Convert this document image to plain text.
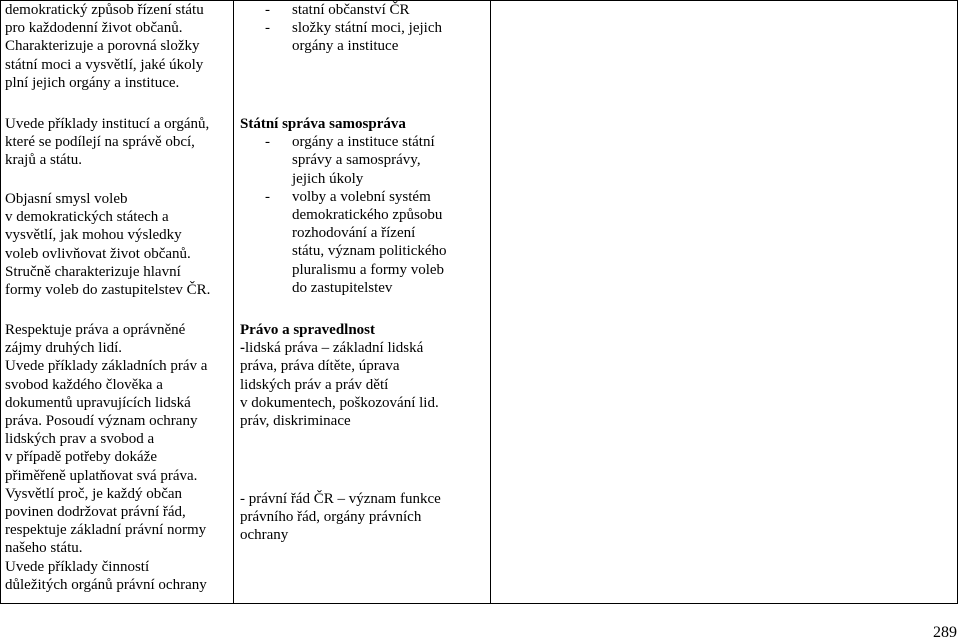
demokratický způsob řízení státu
pro každodenní život občanů.
Charakterizuje a porovná složky
státní moci a vysvětlí, jaké úkoly
plní jejich orgány a instituce.
Uvede příklady institucí a orgánů,
které se podílejí na správě obcí,
krajů a státu.
Objasní smysl voleb
v demokratických státech a
vysvětlí, jak mohou výsledky
voleb ovlivňovat život občanů.
Stručně charakterizuje hlavní
formy voleb do zastupitelstev ČR.
Respektuje práva a oprávněné
zájmy druhých lidí.
Uvede příklady základních práv a
svobod každého člověka a
dokumentů upravujících lidská
práva. Posoudí význam ochrany
lidských prav a svobod a
v případě potřeby dokáže
přiměřeně uplatňovat svá práva.
Vysvětlí proč, je každý občan
povinen dodržovat právní řád,
respektuje základní právní normy
našeho státu.
Uvede příklady činností
důležitých orgánů právní ochrany
- statní občanství ČR
- složky státní moci, jejich
orgány a instituce
Státní správa samospráva
- orgány a instituce státní
správy a samosprávy,
jejich úkoly
- volby a volební systém
demokratického způsobu
rozhodování a řízení
státu, význam politického
pluralismu a formy voleb
do zastupitelstev
Právo a spravedlnost
-lidská práva – základní lidská
práva, práva dítěte, úprava
lidských práv a práv dětí
v dokumentech, poškozování lid.
práv, diskriminace
- právní řád ČR – význam funkce
právního řád, orgány právních
ochrany
289
